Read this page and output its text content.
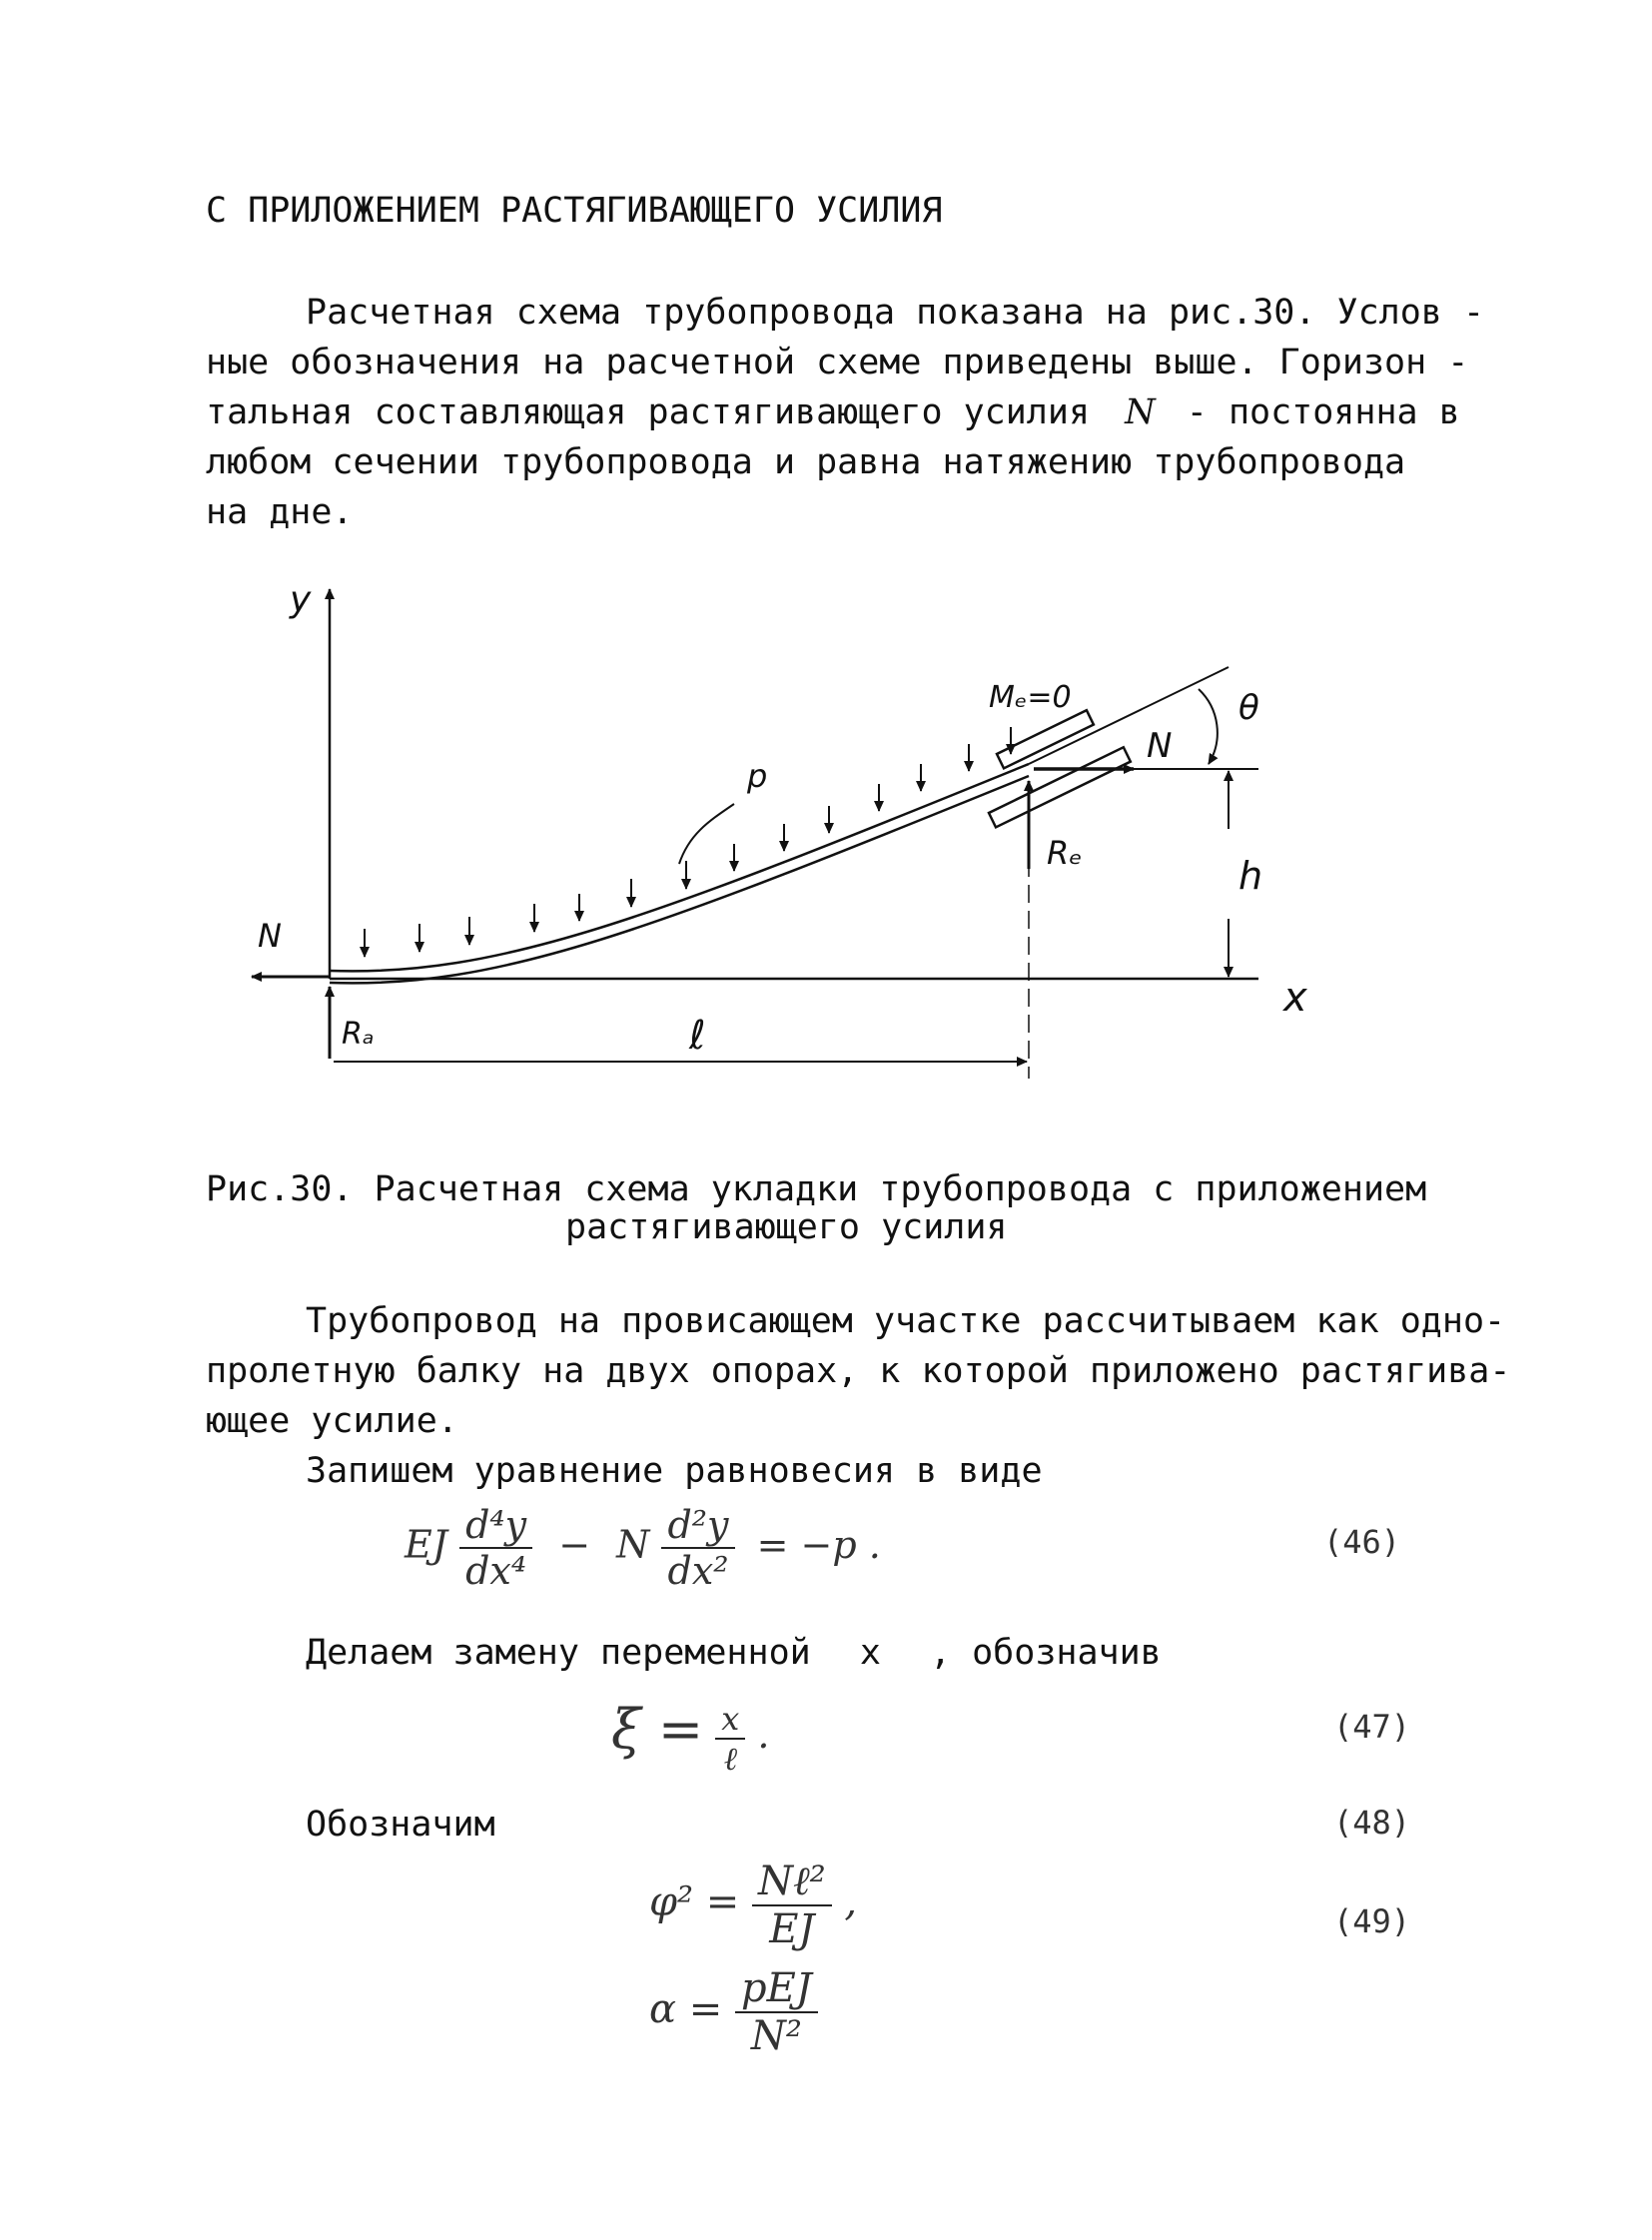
С ПРИЛОЖЕНИЕМ РАСТЯГИВАЮЩЕГО УСИЛИЯ
Расчетная схема трубопровода показана на рис.30. Услов -
ные обозначения на расчетной схеме приведены выше. Горизон -
тальная составляющая растягивающего усилия N - постоянна в
любом сечении трубопровода и равна натяжению трубопровода
на дне.
y
x
p
Mₑ=0
N
θ
h
Rₑ
N
Rₐ	ℓ
Рис.30. Расчетная схема укладки трубопровода с приложением
растягивающего усилия
Трубопровод на провисающем участке рассчитываем как одно-
пролетную балку на двух опорах, к которой приложено растягива-
ющее усилие.
Запишем уравнение равновесия в виде
EJ $\frac{\text{d⁴y}}{\text{dx⁴}} - N \frac{\text{d²y}}{\text{dx²}} = -p$ .	(46)
Делаем замену переменной x , обозначив
$\xi = \frac{x}{\text{ℓ}}$ .	(47)
Обозначим	(48)
$\varphi^2 = \frac{\text{Nℓ²}}{EJ}$ ,	(49)
$\alpha = \frac{\text{pEJ}}{\text{N²}}$
